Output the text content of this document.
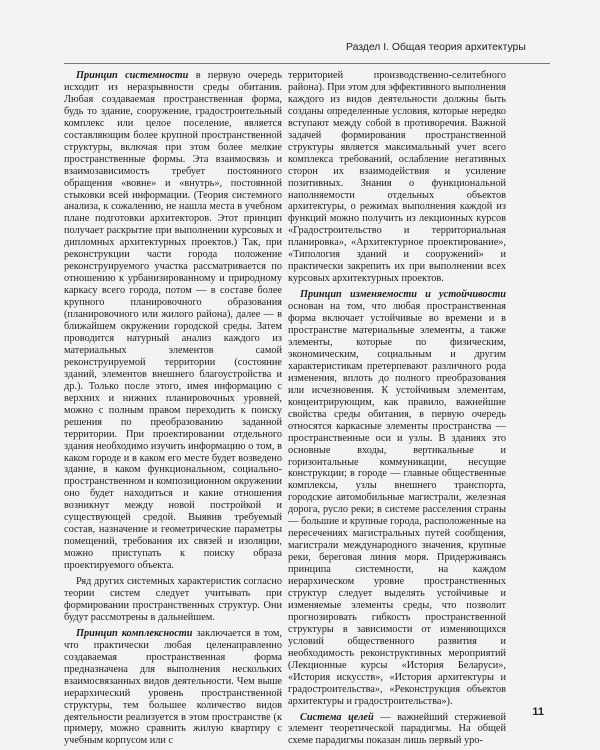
Раздел I. Общая теория архитектуры

Принцип системности в первую очередь исходит из неразрывности среды обитания. Любая создаваемая пространственная форма, будь то здание, сооружение, градостроительный комплекс или целое поселение, является составляющим более крупной пространственной структуры, включая при этом более мелкие пространственные формы. Эта взаимосвязь и взаимозависимость требует постоянного обращения «вовне» и «внутрь», постоянной стыковки всей информации. (Теория системного анализа, к сожалению, не нашла места в учебном плане подготовки архитекторов. Этот принцип получает раскрытие при выполнении курсовых и дипломных архитектурных проектов.) Так, при реконструкции части города положение реконструируемого участка рассматривается по отношению к урбанизированному и природному каркасу всего города, потом — в составе более крупного планировочного образования (планировочного или жилого района), далее — в ближайшем окружении городской среды. Затем проводится натурный анализ каждого из материальных элементов самой реконструируемой территории (состояние зданий, элементов внешнего благоустройства и др.). Только после этого, имея информацию с верхних и нижних планировочных уровней, можно с полным правом переходить к поиску решения по преобразованию заданной территории. При проектировании отдельного здания необходимо изучить информацию о том, в каком городе и в каком его месте будет возведено здание, в каком функциональном, социально-пространственном и композиционном окружении оно будет находиться и какие отношения возникнут между новой постройкой и существующей средой. Выявив требуемый состав, назначение и геометрические параметры помещений, требования их связей и изоляции, можно приступать к поиску образа проектируемого объекта.

Ряд других системных характеристик согласно теории систем следует учитывать при формировании пространственных структур. Они будут рассмотрены в дальнейшем.

Принцип комплексности заключается в том, что практически любая целенаправленно создаваемая пространственная форма предназначена для выполнения нескольких взаимосвязанных видов деятельности. Чем выше иерархический уровень пространственной структуры, тем большее количество видов деятельности реализуется в этом пространстве (к примеру, можно сравнить жилую квартиру с учебным корпусом или с

территорией производственно-селитебного района). При этом для эффективного выполнения каждого из видов деятельности должны быть созданы определенные условия, которые нередко вступают между собой в противоречия. Важной задачей формирования пространственной структуры является максимальный учет всего комплекса требований, ослабление негативных сторон их взаимодействия и усиление позитивных. Знания о функциональной наполняемости отдельных объектов архитектуры, о режимах выполнения каждой из функций можно получить из лекционных курсов «Градостроительство и территориальная планировка», «Архитектурное проектирование», «Типология зданий и сооружений» и практически закрепить их при выполнении всех курсовых архитектурных проектов.

Принцип изменяемости и устойчивости основан на том, что любая пространственная форма включает устойчивые во времени и в пространстве материальные элементы, а также элементы, которые по физическим, экономическим, социальным и другим характеристикам претерпевают различного рода изменения, вплоть до полного преобразования или исчезновения. К устойчивым элементам, концентрирующим, как правило, важнейшие свойства среды обитания, в первую очередь относятся каркасные элементы пространства — пространственные оси и узлы. В зданиях это основные входы, вертикальные и горизонтальные коммуникации, несущие конструкции; в городе — главные общественные комплексы, узлы внешнего транспорта, городские автомобильные магистрали, железная дорога, русло реки; в системе расселения страны — большие и крупные города, расположенные на пересечениях магистральных путей сообщения, магистрали международного значения, крупные реки, береговая линия моря. Придерживаясь принципа системности, на каждом иерархическом уровне пространственных структур следует выделять устойчивые и изменяемые элементы среды, что позволит прогнозировать гибкость пространственной структуры в зависимости от изменяющихся условий общественного развития и необходимость реконструктивных мероприятий (Лекционные курсы «История Беларуси», «История искусств», «История архитектуры и градостроительства», «Реконструкция объектов архитектуры и градостроительства»).

Система целей — важнейший стержневой элемент теоретической парадигмы. На общей схеме парадигмы показан лишь первый уро-

11
